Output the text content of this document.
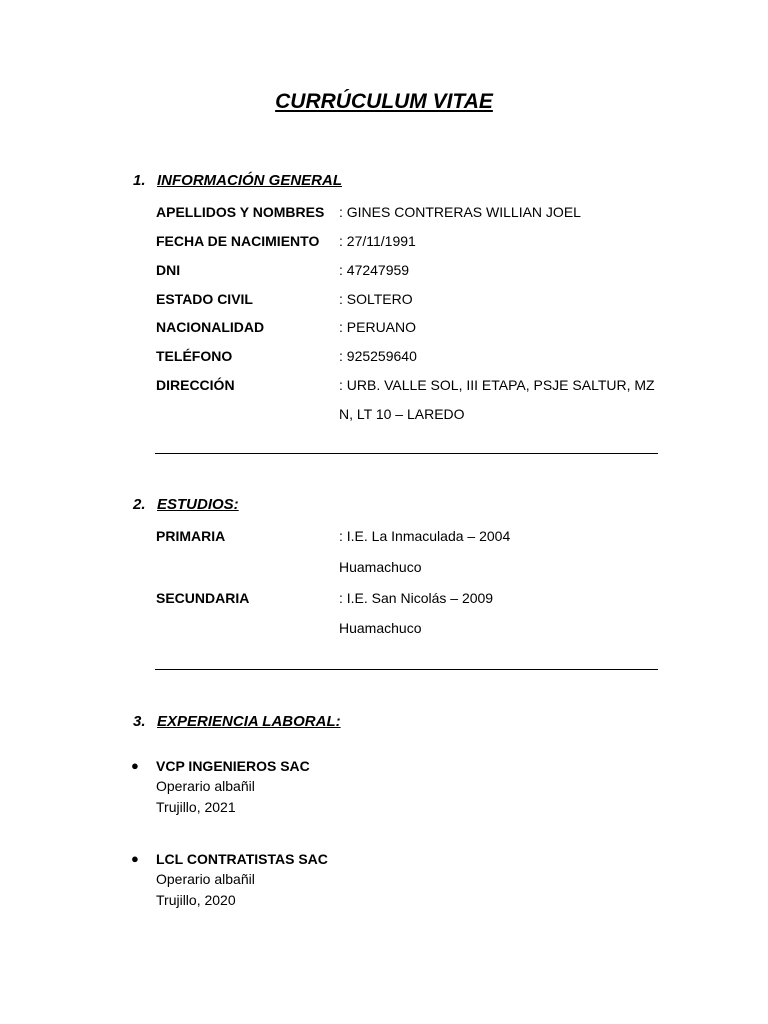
CURRÚCULUM VITAE
1. INFORMACIÓN GENERAL
APELLIDOS Y NOMBRES : GINES CONTRERAS WILLIAN JOEL
FECHA DE NACIMIENTO : 27/11/1991
DNI	: 47247959
ESTADO CIVIL	: SOLTERO
NACIONALIDAD	: PERUANO
TELÉFONO	: 925259640
DIRECCIÓN	: URB. VALLE SOL, III ETAPA, PSJE SALTUR, MZ
N, LT 10 – LAREDO
2. ESTUDIOS:
PRIMARIA	: I.E. La Inmaculada – 2004
Huamachuco
SECUNDARIA	: I.E. San Nicolás – 2009
Huamachuco
3. EXPERIENCIA LABORAL:
● VCP INGENIEROS SAC
Operario albañil
Trujillo, 2021
● LCL CONTRATISTAS SAC
Operario albañil
Trujillo, 2020
